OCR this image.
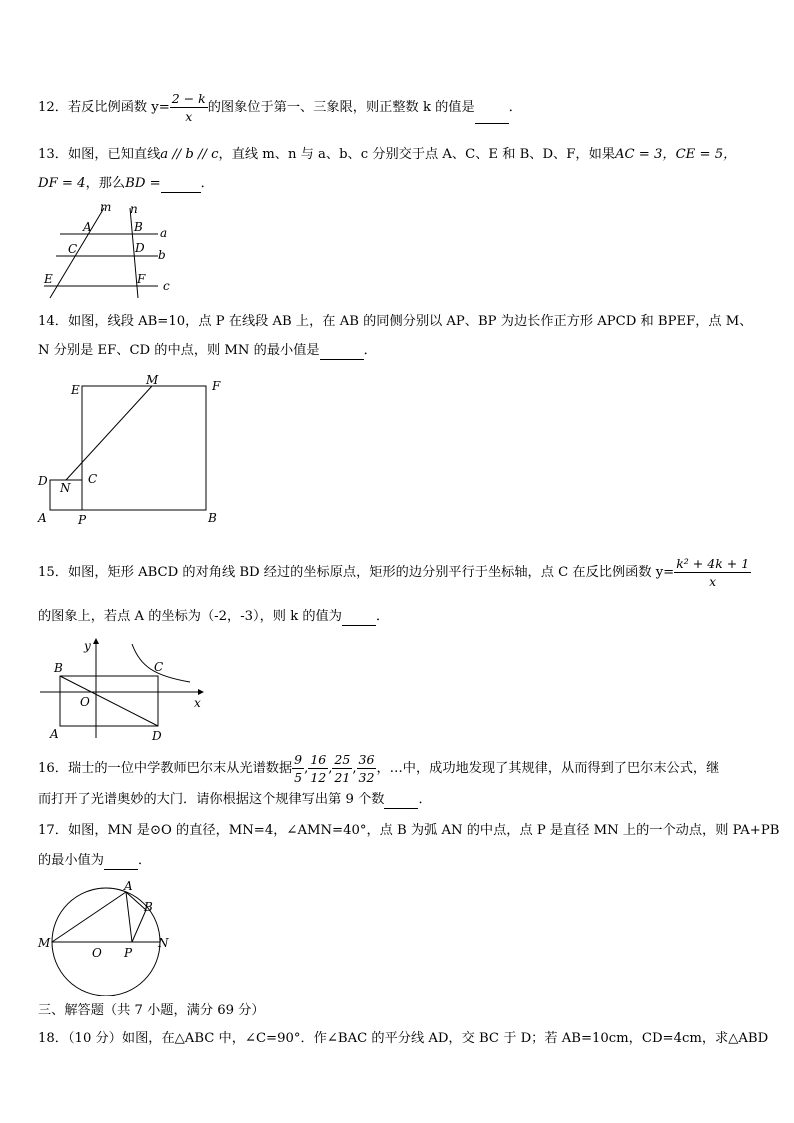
12．若反比例函数 $y= \frac{2 - k}{x}$ 的图象位于第一、三象限，则正整数 k 的值是	．
13．如图，已知直线a // b // c，直线 m、n 与 a、b、c 分别交于点 A、C、E 和 B、D、F，如果AC = 3，CE = 5，
DF = 4，那么BD =	．
m n
A	B a
C	D b
E	F c
14．如图，线段 AB=10，点 P 在线段 AB 上，在 AB 的同侧分别以 AP、BP 为边长作正方形 APCD 和 BPEF，点 M、
N 分别是 EF、CD 的中点，则 MN 的最小值是	．
E
M	F
D N
C
A	P	B
15．如图，矩形 ABCD 的对角线 BD 经过的坐标原点，矩形的边分别平行于坐标轴，点 C 在反比例函数 $y= \frac{\text{k² + 4k + 1}}{x}$
的图象上，若点 A 的坐标为（-2，-3），则 k 的值为	．
y
B	C
O	x
A	D
16．瑞士的一位中学教师巴尔末从光谱数据 $\frac{9}{5}$ , $\frac{16}{12}$ , $\frac{25}{21}$ , $\frac{36}{32}$ ，…中，成功地发现了其规律，从而得到了巴尔末公式，继
而打开了光谱奥妙的大门．请你根据这个规律写出第 9 个数	．
17．如图，MN 是⊙O 的直径，MN=4，∠AMN=40°，点 B 为弧 AN 的中点，点 P 是直径 MN 上的一个动点，则 PA+PB
的最小值为	．
A
B
M
O P
N
三、解答题（共 7 小题，满分 69 分）
18．（10 分）如图，在△ABC 中，∠C=90°．作∠BAC 的平分线 AD，交 BC 于 D；若 AB=10cm，CD=4cm，求△ABD
